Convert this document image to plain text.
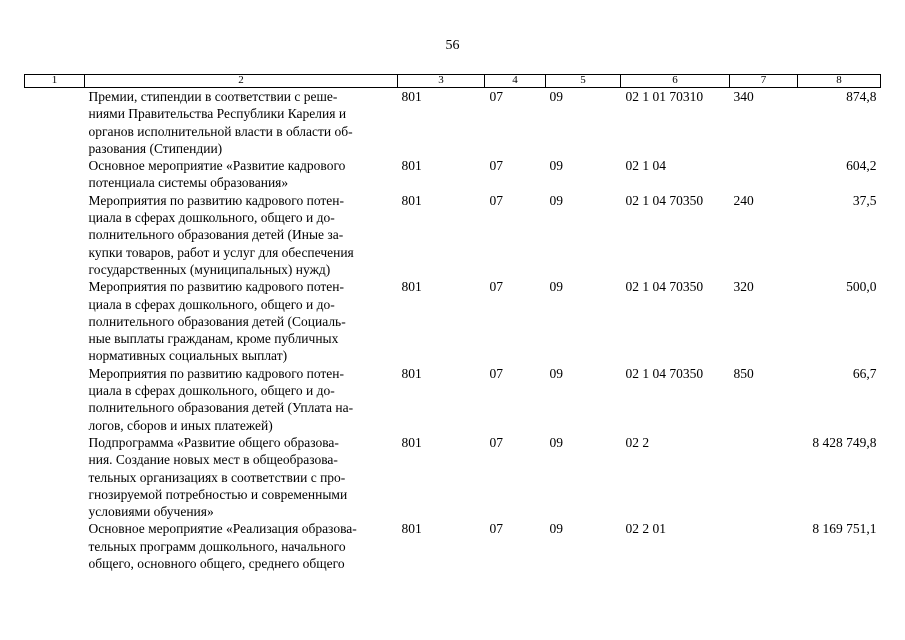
56
1	2	3	4	5	6	7	8

	Премии, стипендии в соответствии с реше-
ниями Правительства Республики Карелия и
органов исполнительной власти в области об-
разования (Стипендии)	801	07	09	02 1 01 70310	340	874,8

	Основное мероприятие «Развитие кадрового
потенциала системы образования»	801	07	09	02 1 04		604,2

	Мероприятия по развитию кадрового потен-
циала в сферах дошкольного, общего и до-
полнительного образования детей (Иные за-
купки товаров, работ и услуг для обеспечения
государственных (муниципальных) нужд)	801	07	09	02 1 04 70350	240	37,5

	Мероприятия по развитию кадрового потен-
циала в сферах дошкольного, общего и до-
полнительного образования детей (Социаль-
ные выплаты гражданам, кроме публичных
нормативных социальных выплат)	801	07	09	02 1 04 70350	320	500,0

	Мероприятия по развитию кадрового потен-
циала в сферах дошкольного, общего и до-
полнительного образования детей (Уплата на-
логов, сборов и иных платежей)	801	07	09	02 1 04 70350	850	66,7

	Подпрограмма «Развитие общего образова-
ния. Создание новых мест в общеобразова-
тельных организациях в соответствии с про-
гнозируемой потребностью и современными
условиями обучения»	801	07	09	02 2		8 428 749,8

	Основное мероприятие «Реализация образова-
тельных программ дошкольного, начального
общего, основного общего, среднего общего	801	07	09	02 2 01		8 169 751,1
